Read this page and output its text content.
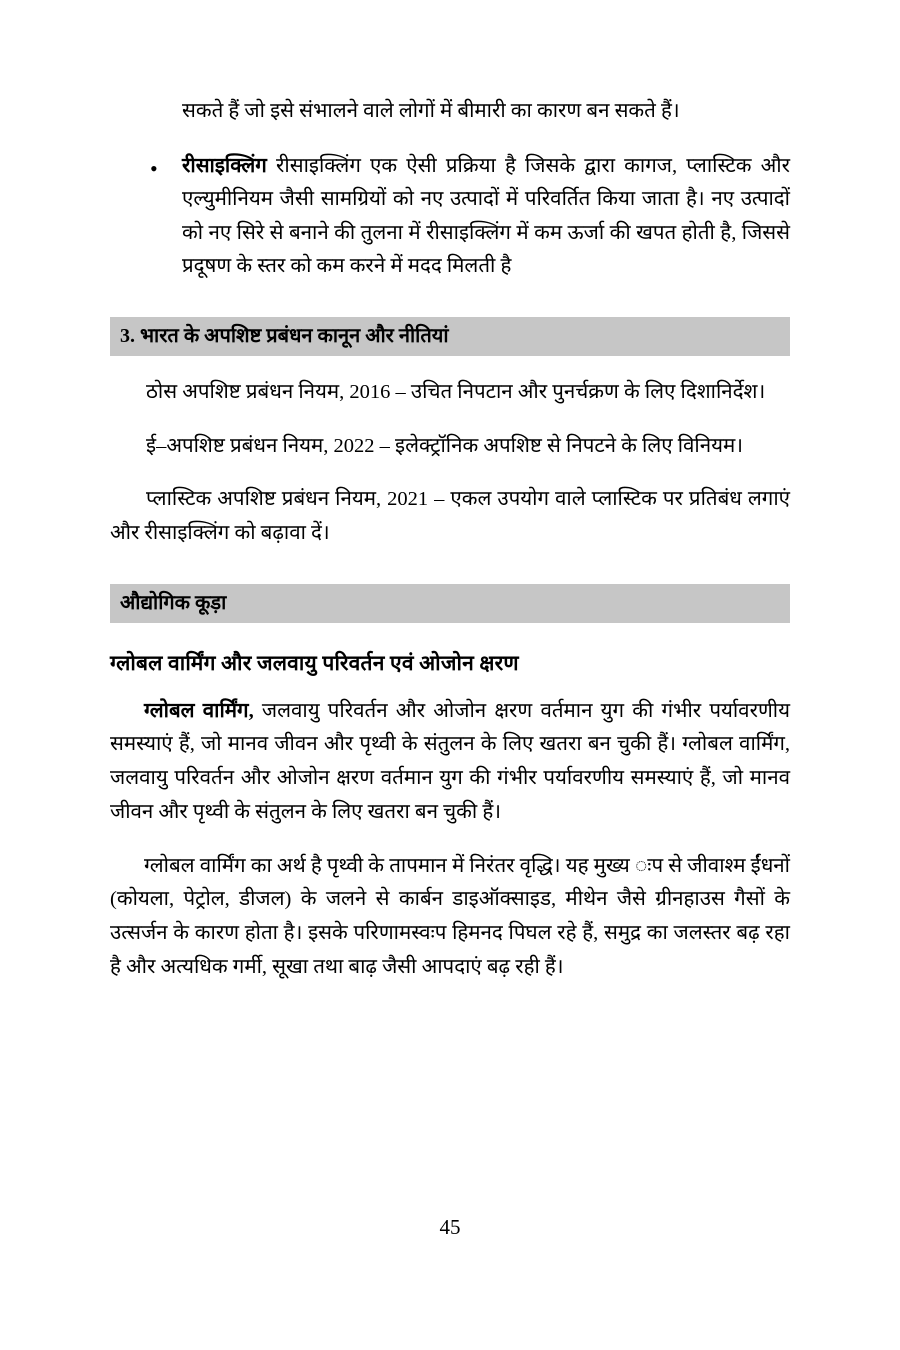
सकते हैं जो इसे संभालने वाले लोगों में बीमारी का कारण बन सकते हैं।

•	रीसाइक्लिंग रीसाइक्लिंग एक ऐसी प्रक्रिया है जिसके द्वारा कागज, प्लास्टिक और एल्युमीनियम जैसी सामग्रियों को नए उत्पादों में परिवर्तित किया जाता है। नए उत्पादों को नए सिरे से बनाने की तुलना में रीसाइक्लिंग में कम ऊर्जा की खपत होती है, जिससे प्रदूषण के स्तर को कम करने में मदद मिलती है
3. भारत के अपशिष्ट प्रबंधन कानून और नीतियां

ठोस अपशिष्ट प्रबंधन नियम, 2016 – उचित निपटान और पुनर्चक्रण के लिए दिशानिर्देश।

ई–अपशिष्ट प्रबंधन नियम, 2022 – इलेक्ट्रॉनिक अपशिष्ट से निपटने के लिए विनियम।

प्लास्टिक अपशिष्ट प्रबंधन नियम, 2021 – एकल उपयोग वाले प्लास्टिक पर प्रतिबंध लगाएं और रीसाइक्लिंग को बढ़ावा दें।

औद्योगिक कूड़ा
ग्लोबल वार्मिंग और जलवायु परिवर्तन एवं ओजोन क्षरण

ग्लोबल वार्मिंग, जलवायु परिवर्तन और ओजोन क्षरण वर्तमान युग की गंभीर पर्यावरणीय समस्याएं हैं, जो मानव जीवन और पृथ्वी के संतुलन के लिए खतरा बन चुकी हैं। ग्लोबल वार्मिंग, जलवायु परिवर्तन और ओजोन क्षरण वर्तमान युग की गंभीर पर्यावरणीय समस्याएं हैं, जो मानव जीवन और पृथ्वी के संतुलन के लिए खतरा बन चुकी हैं।

ग्लोबल वार्मिंग का अर्थ है पृथ्वी के तापमान में निरंतर वृद्धि। यह मुख्य ःप से जीवाश्म ईंधनों (कोयला, पेट्रोल, डीजल) के जलने से कार्बन डाइऑक्साइड, मीथेन जैसे ग्रीनहाउस गैसों के उत्सर्जन के कारण होता है। इसके परिणामस्वःप हिमनद पिघल रहे हैं, समुद्र का जलस्तर बढ़ रहा है और अत्यधिक गर्मी, सूखा तथा बाढ़ जैसी आपदाएं बढ़ रही हैं।

45
